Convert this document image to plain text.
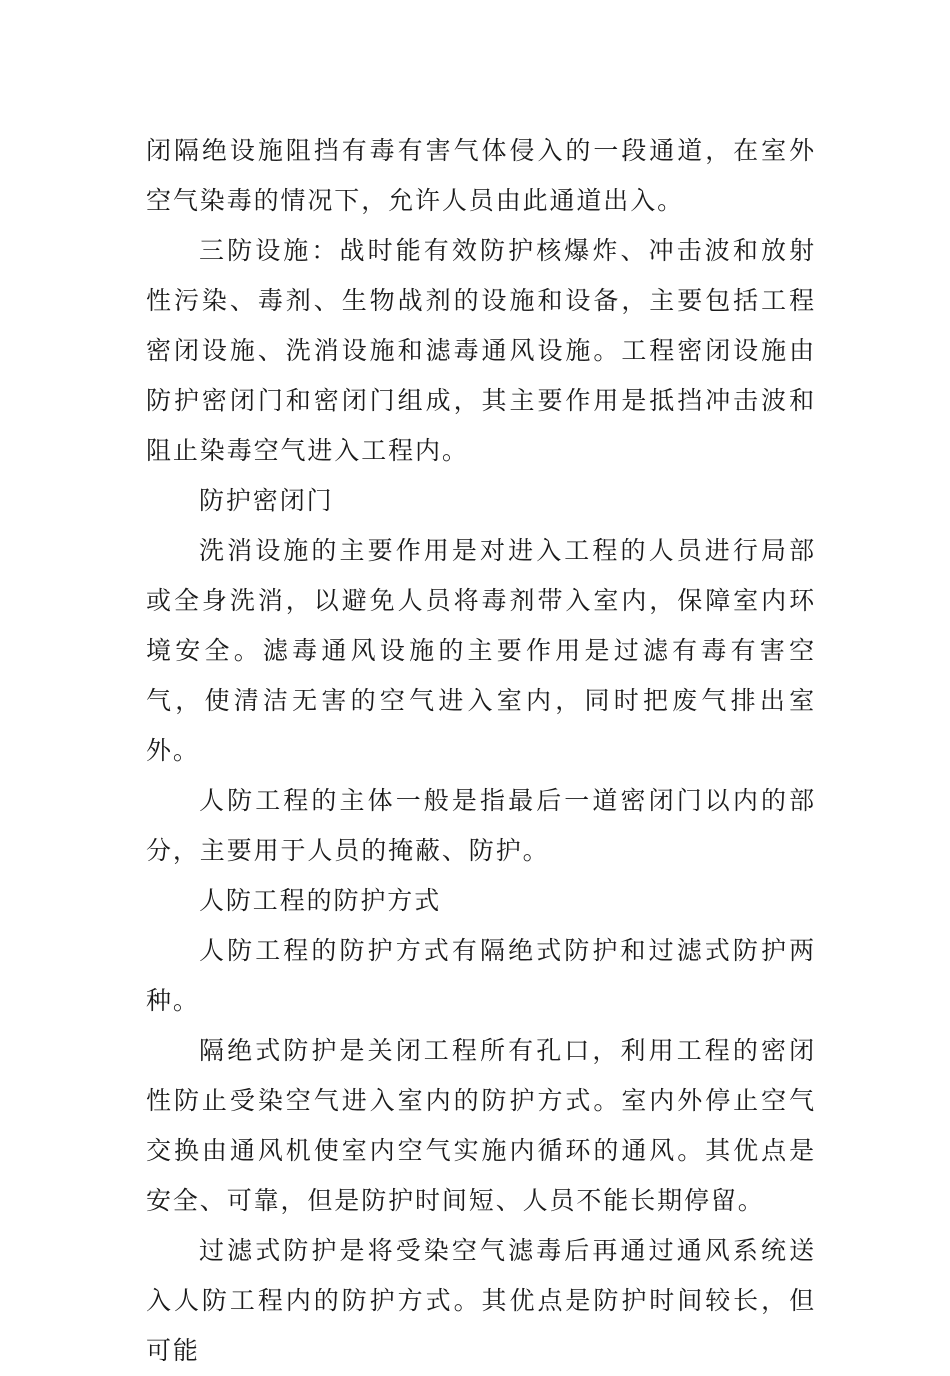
闭隔绝设施阻挡有毒有害气体侵入的一段通道，在室外空气染毒的情况下，允许人员由此通道出入。

三防设施：战时能有效防护核爆炸、冲击波和放射性污染、毒剂、生物战剂的设施和设备，主要包括工程密闭设施、洗消设施和滤毒通风设施。工程密闭设施由防护密闭门和密闭门组成，其主要作用是抵挡冲击波和阻止染毒空气进入工程内。

防护密闭门

洗消设施的主要作用是对进入工程的人员进行局部或全身洗消，以避免人员将毒剂带入室内，保障室内环境安全。滤毒通风设施的主要作用是过滤有毒有害空气，使清洁无害的空气进入室内，同时把废气排出室外。

人防工程的主体一般是指最后一道密闭门以内的部分，主要用于人员的掩蔽、防护。

人防工程的防护方式

人防工程的防护方式有隔绝式防护和过滤式防护两种。

隔绝式防护是关闭工程所有孔口，利用工程的密闭性防止受染空气进入室内的防护方式。室内外停止空气交换由通风机使室内空气实施内循环的通风。其优点是安全、可靠，但是防护时间短、人员不能长期停留。

过滤式防护是将受染空气滤毒后再通过通风系统送入人防工程内的防护方式。其优点是防护时间较长，但可能
